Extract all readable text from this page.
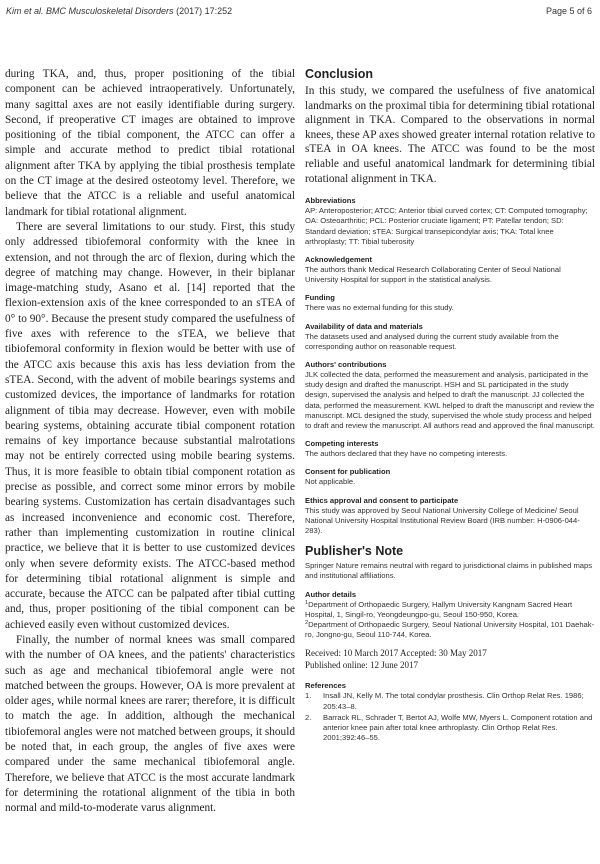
Kim et al. BMC Musculoskeletal Disorders (2017) 17:252	Page 5 of 6

during TKA, and, thus, proper positioning of the tibial component can be achieved intraoperatively. Unfortunately, many sagittal axes are not easily identifiable during surgery. Second, if preoperative CT images are obtained to improve positioning of the tibial component, the ATCC can offer a simple and accurate method to predict tibial rotational alignment after TKA by applying the tibial prosthesis template on the CT image at the desired osteotomy level. Therefore, we believe that the ATCC is a reliable and useful anatomical landmark for tibial rotational alignment.

There are several limitations to our study. First, this study only addressed tibiofemoral conformity with the knee in extension, and not through the arc of flexion, during which the degree of matching may change. However, in their biplanar image-matching study, Asano et al. [14] reported that the flexion-extension axis of the knee corresponded to an sTEA of 0° to 90°. Because the present study compared the usefulness of five axes with reference to the sTEA, we believe that tibiofemoral conformity in flexion would be better with use of the ATCC axis because this axis has less deviation from the sTEA. Second, with the advent of mobile bearings systems and customized devices, the importance of landmarks for rotation alignment of tibia may decrease. However, even with mobile bearing systems, obtaining accurate tibial component rotation remains of key importance because substantial malrotations may not be entirely corrected using mobile bearing systems. Thus, it is more feasible to obtain tibial component rotation as precise as possible, and correct some minor errors by mobile bearing systems. Customization has certain disadvantages such as increased inconvenience and economic cost. Therefore, rather than implementing customization in routine clinical practice, we believe that it is better to use customized devices only when severe deformity exists. The ATCC-based method for determining tibial rotational alignment is simple and accurate, because the ATCC can be palpated after tibial cutting and, thus, proper positioning of the tibial component can be achieved easily even without customized devices.

Finally, the number of normal knees was small compared with the number of OA knees, and the patients' characteristics such as age and mechanical tibiofemoral angle were not matched between the groups. However, OA is more prevalent at older ages, while normal knees are rarer; therefore, it is difficult to match the age. In addition, although the mechanical tibiofemoral angles were not matched between groups, it should be noted that, in each group, the angles of five axes were compared under the same mechanical tibiofemoral angle. Therefore, we believe that ATCC is the most accurate landmark for determining the rotational alignment of the tibia in both normal and mild-to-moderate varus alignment.

Conclusion

In this study, we compared the usefulness of five anatomical landmarks on the proximal tibia for determining tibial rotational alignment in TKA. Compared to the observations in normal knees, these AP axes showed greater internal rotation relative to sTEA in OA knees. The ATCC was found to be the most reliable and useful anatomical landmark for determining tibial rotational alignment in TKA.

Abbreviations

AP: Anteroposterior; ATCC: Anterior tibial curved cortex; CT: Computed tomography; OA: Osteoarthritic; PCL: Posterior cruciate ligament; PT: Patellar tendon; SD: Standard deviation; sTEA: Surgical transepicondylar axis; TKA: Total knee arthroplasty; TT: Tibial tuberosity

Acknowledgement

The authors thank Medical Research Collaborating Center of Seoul National University Hospital for support in the statistical analysis.

Funding

There was no external funding for this study.

Availability of data and materials

The datasets used and analysed during the current study available from the corresponding author on reasonable request.

Authors' contributions

JLK collected the data, performed the measurement and analysis, participated in the study design and drafted the manuscript. HSH and SL participated in the study design, supervised the analysis and helped to draft the manuscript. JJ collected the data, performed the measurement. KWL helped to draft the manuscript and review the manuscript. MCL designed the study, supervised the whole study process and helped to draft and review the manuscript. All authors read and approved the final manuscript.

Competing interests

The authors declared that they have no competing interests.

Consent for publication

Not applicable.

Ethics approval and consent to participate

This study was approved by Seoul National University College of Medicine/ Seoul National University Hospital Institutional Review Board (IRB number: H-0906-044-283).

Publisher's Note

Springer Nature remains neutral with regard to jurisdictional claims in published maps and institutional affiliations.

Author details

$^1$Department of Orthopaedic Surgery, Hallym University Kangnam Sacred Heart Hospital, 1, Singil-ro, Yeongdeungpo-gu, Seoul 150-950, Korea.
$^2$Department of Orthopaedic Surgery, Seoul National University Hospital, 101 Daehak-ro, Jongno-gu, Seoul 110-744, Korea.

Received: 10 March 2017 Accepted: 30 May 2017
Published online: 12 June 2017

References
1. Insall JN, Kelly M. The total condylar prosthesis. Clin Orthop Relat Res. 1986; 205:43–8.
2. Barrack RL, Schrader T, Bertot AJ, Wolfe MW, Myers L. Component rotation and anterior knee pain after total knee arthroplasty. Clin Orthop Relat Res. 2001;392:46–55.
